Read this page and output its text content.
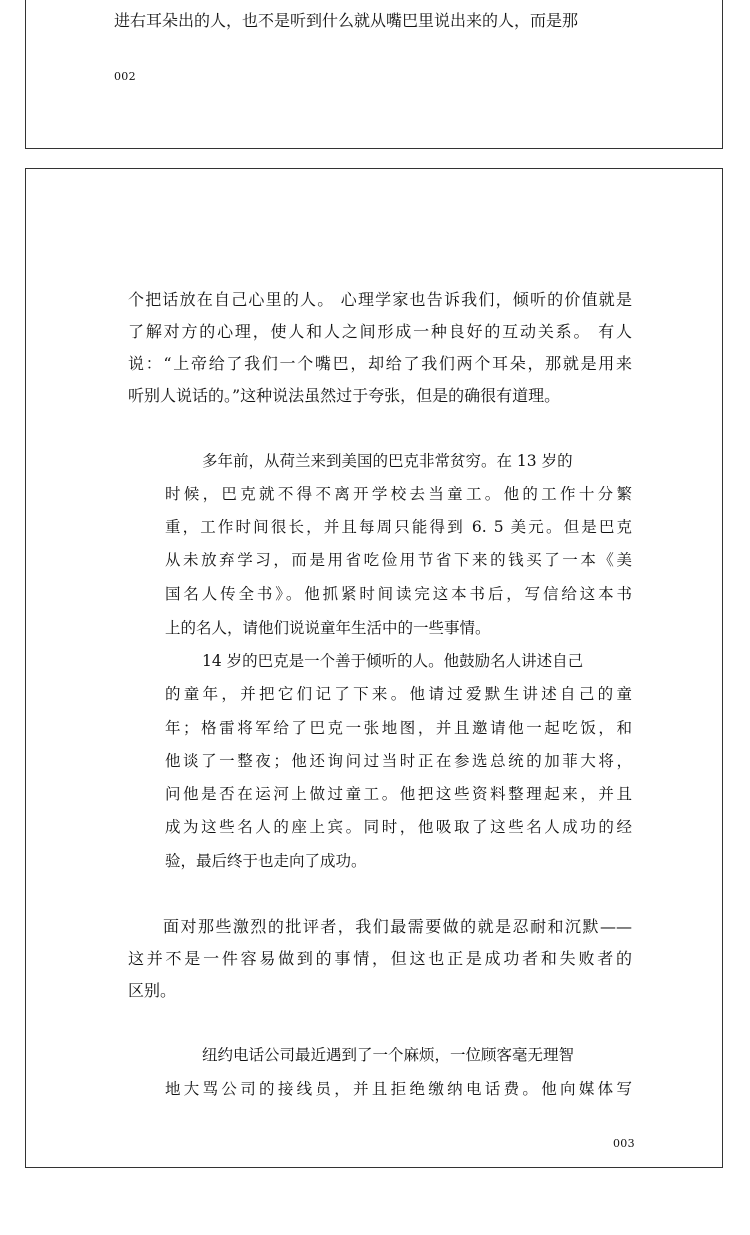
进右耳朵出的人，也不是听到什么就从嘴巴里说出来的人，而是那
002
个把话放在自己心里的人。 心理学家也告诉我们，倾听的价值就是
了解对方的心理，使人和人之间形成一种良好的互动关系。 有人
说：“上帝给了我们一个嘴巴，却给了我们两个耳朵，那就是用来
听别人说话的。”这种说法虽然过于夸张，但是的确很有道理。
多年前，从荷兰来到美国的巴克非常贫穷。在 13 岁的
时候，巴克就不得不离开学校去当童工。他的工作十分繁
重，工作时间很长，并且每周只能得到 6. 5 美元。但是巴克
从未放弃学习，而是用省吃俭用节省下来的钱买了一本《美
国名人传全书》。他抓紧时间读完这本书后，写信给这本书
上的名人，请他们说说童年生活中的一些事情。
14 岁的巴克是一个善于倾听的人。他鼓励名人讲述自己
的童年，并把它们记了下来。他请过爱默生讲述自己的童
年；格雷将军给了巴克一张地图，并且邀请他一起吃饭，和
他谈了一整夜；他还询问过当时正在参选总统的加菲大将，
问他是否在运河上做过童工。他把这些资料整理起来，并且
成为这些名人的座上宾。同时，他吸取了这些名人成功的经
验，最后终于也走向了成功。
面对那些激烈的批评者，我们最需要做的就是忍耐和沉默——
这并不是一件容易做到的事情，但这也正是成功者和失败者的
区别。
纽约电话公司最近遇到了一个麻烦，一位顾客毫无理智
地大骂公司的接线员，并且拒绝缴纳电话费。他向媒体写
003
